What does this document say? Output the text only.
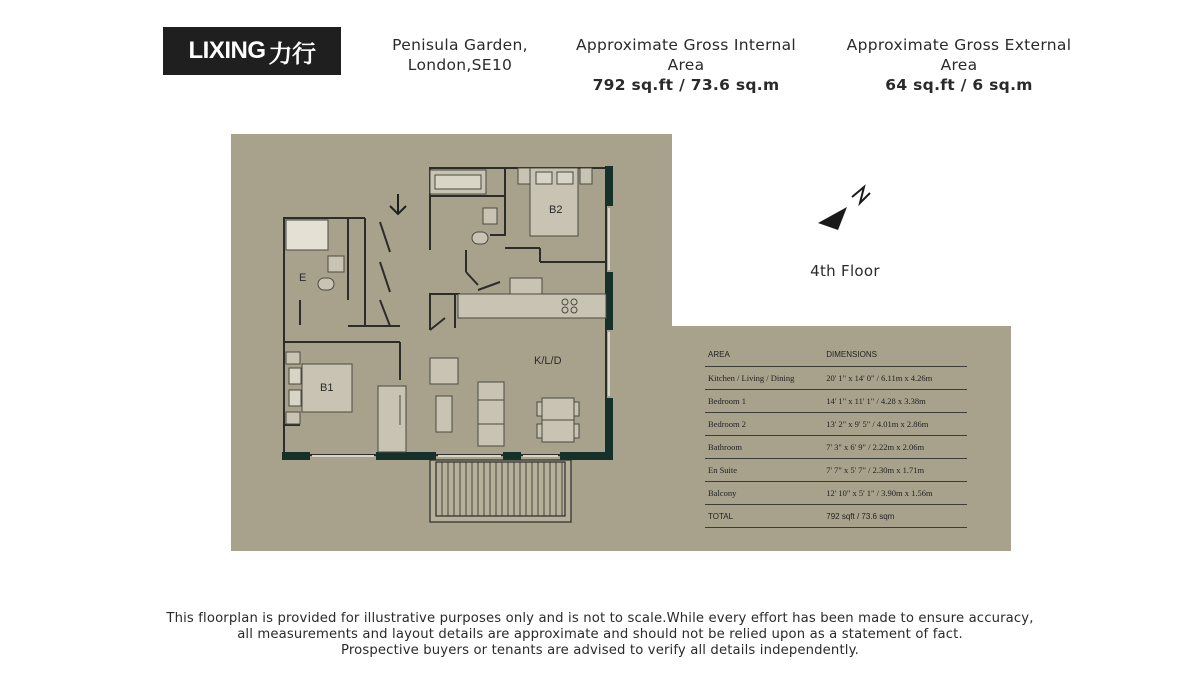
LIXING 力行	Penisula Garden,
London,SE10
Approximate Gross Internal Area
792 sq.ft / 73.6 sq.m
Approximate Gross External Area
64 sq.ft / 6 sq.m
4th Floor
B2
E
K/L/D
B1
AREA	DIMENSIONS
Kitchen / Living / Dining	20' 1" x 14' 0" / 6.11m x 4.26m
Bedroom 1	14' 1" x 11' 1" / 4.28 x 3.38m
Bedroom 2	13' 2" x 9' 5" / 4.01m x 2.86m
Bathroom	7' 3" x 6' 9" / 2.22m x 2.06m
En Suite	7' 7" x 5' 7" / 2.30m x 1.71m
Balcony	12' 10" x 5' 1" / 3.90m x 1.56m
TOTAL	792 sqft / 73.6 sqm
This floorplan is provided for illustrative purposes only and is not to scale.While every effort has been made to ensure accuracy,
all measurements and layout details are approximate and should not be relied upon as a statement of fact.
Prospective buyers or tenants are advised to verify all details independently.
